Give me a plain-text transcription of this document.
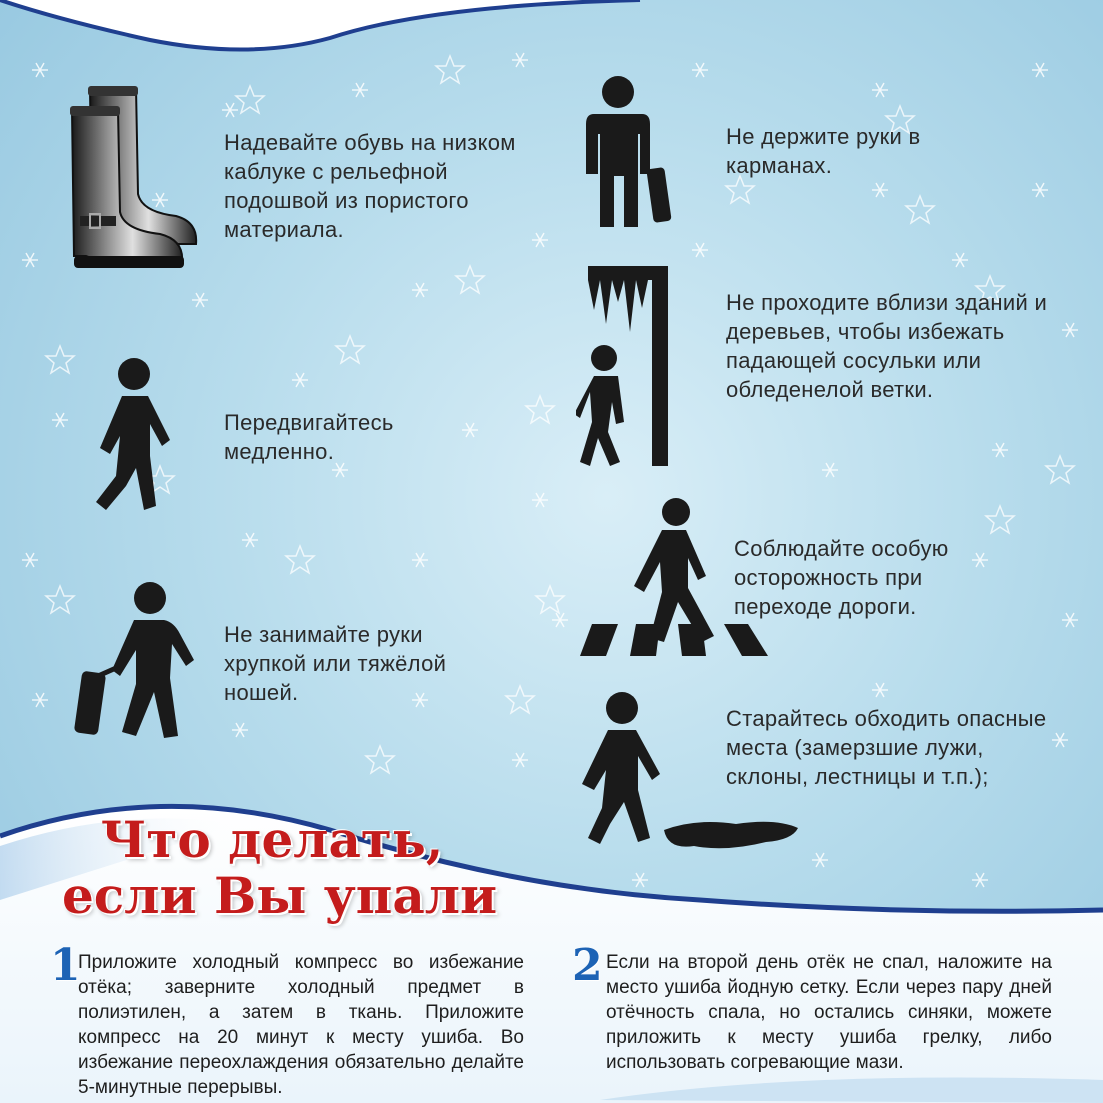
Надевайте обувь на низком каблуке с рельефной подошвой из пористого материала.
Не держите руки в карманах.
Не проходите вблизи зданий и деревьев, чтобы избежать падающей сосульки или обледенелой ветки.
Передвигайтесь медленно.
Соблюдайте особую осторожность при переходе дороги.
Не занимайте руки хрупкой или тяжёлой ношей.
Старайтесь обходить опасные места (замерзшие лужи, склоны, лестницы и т.п.);
Что делать,
если Вы упали
1
Приложите холодный компресс во избежание отёка; заверните холодный предмет в полиэтилен, а затем в ткань. Приложите компресс на 20 минут к месту ушиба. Во избежание переохлаждения обязательно делайте 5-минутные перерывы.
2 Если на второй день отёк не спал, наложите на место ушиба йодную сетку. Если через пару дней отёчность спала, но остались синяки, можете приложить к месту ушиба грелку, либо использовать согревающие мази.
